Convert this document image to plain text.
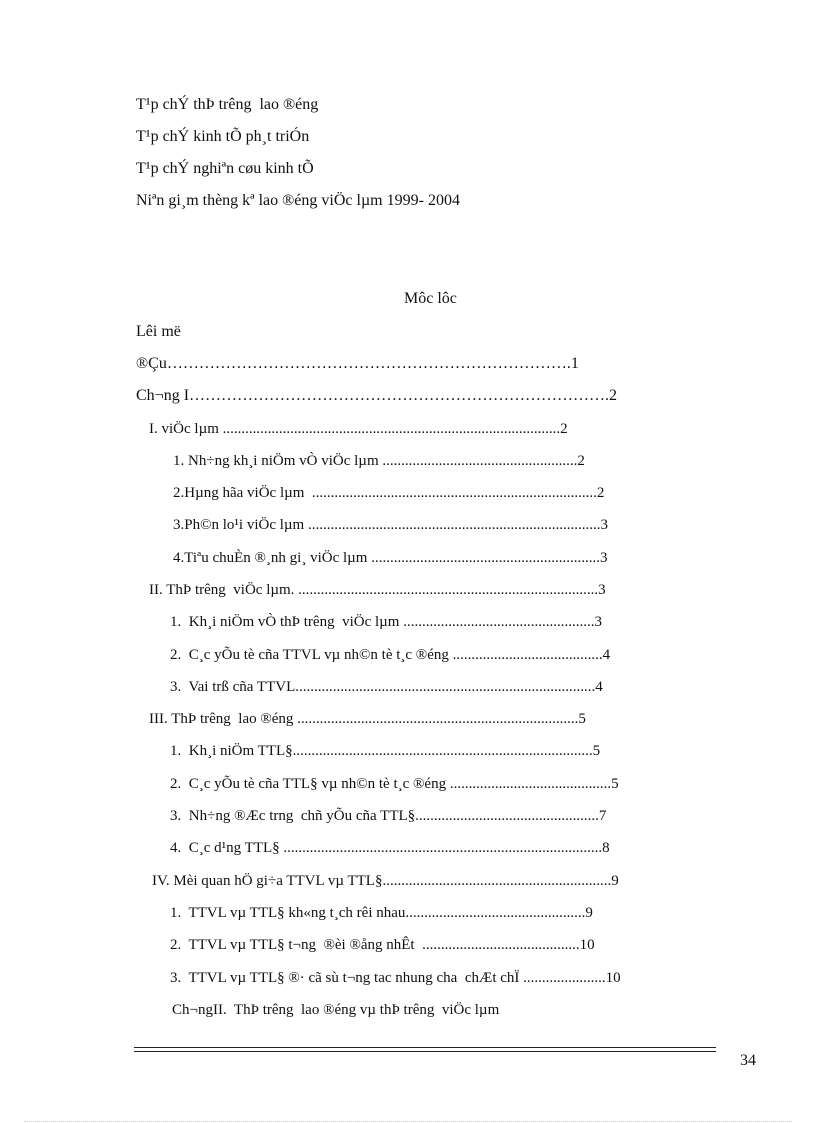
T¹p chÝ thÞ trêng  lao ®éng
T¹p chÝ kinh tÕ ph¸t triÓn
T¹p chÝ nghiªn cøu kinh tÕ
Niªn gi¸m thèng kª lao ®éng viÖc lµm 1999- 2004
Môc lôc
Lêi më
®Çu………………………………………………………………….1
Ch¬ng I…………………………………………………………………….2
I. viÖc lµm ..........................................................................................2
1. Nh÷ng kh¸i niÖm vÒ viÖc lµm ....................................................2
2.Hµng hãa viÖc lµm  ............................................................................2
3.Ph©n lo¹i viÖc lµm ..............................................................................3
4.Tiªu chuÈn ®¸nh gi¸ viÖc lµm .............................................................3
II. ThÞ trêng  viÖc lµm. ................................................................................3
1.  Kh¸i niÖm vÒ thÞ trêng  viÖc lµm ...................................................3
2.  C¸c yÕu tè cña TTVL vµ nh©n tè t¸c ®éng ........................................4
3.  Vai trß cña TTVL................................................................................4
III. ThÞ trêng  lao ®éng ...........................................................................5
1.  Kh¸i niÖm TTL§................................................................................5
2.  C¸c yÕu tè cña TTL§ vµ nh©n tè t¸c ®éng ...........................................5
3.  Nh÷ng ®Æc trng  chñ yÕu cña TTL§.................................................7
4.  C¸c d¹ng TTL§ .....................................................................................8
IV. Mèi quan hÖ gi÷a TTVL vµ TTL§.............................................................9
1.  TTVL vµ TTL§ kh«ng t¸ch rêi nhau................................................9
2.  TTVL vµ TTL§ t¬ng  ®èi ®ång nhÊt  ..........................................10
3.  TTVL vµ TTL§ ®· cã sù t¬ng tac nhung cha  chÆt chÏ ......................10
Ch¬ngII.  ThÞ trêng  lao ®éng vµ thÞ trêng  viÖc lµm
34
